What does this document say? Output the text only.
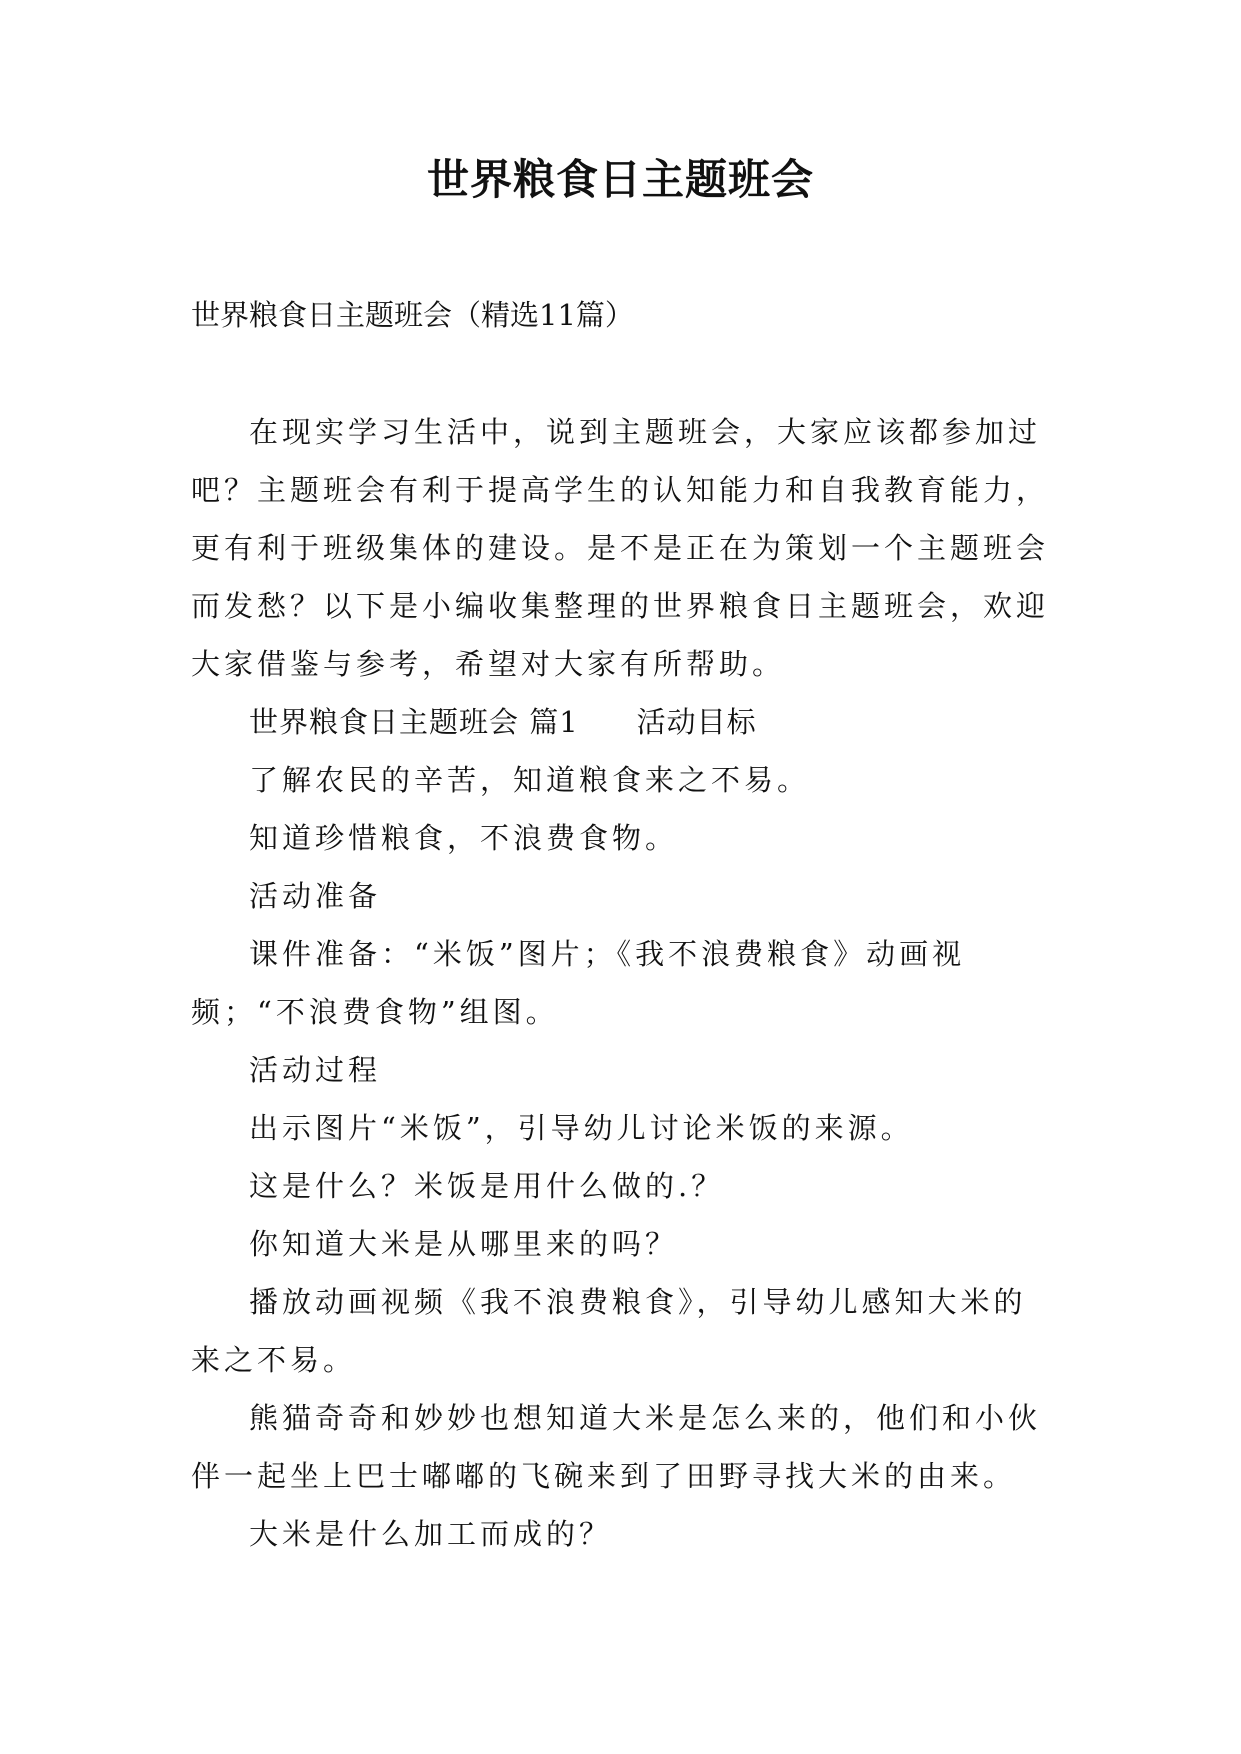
世界粮食日主题班会

世界粮食日主题班会（精选11篇）

在现实学习生活中，说到主题班会，大家应该都参加过吧？主题班会有利于提高学生的认知能力和自我教育能力，更有利于班级集体的建设。是不是正在为策划一个主题班会而发愁？以下是小编收集整理的世界粮食日主题班会，欢迎大家借鉴与参考，希望对大家有所帮助。

世界粮食日主题班会 篇1 活动目标

了解农民的辛苦，知道粮食来之不易。

知道珍惜粮食，不浪费食物。

活动准备

课件准备：“米饭”图片；《我不浪费粮食》动画视频；“不浪费食物”组图。

活动过程

出示图片“米饭”，引导幼儿讨论米饭的来源。

这是什么？米饭是用什么做的.？

你知道大米是从哪里来的吗？

播放动画视频《我不浪费粮食》，引导幼儿感知大米的来之不易。

熊猫奇奇和妙妙也想知道大米是怎么来的，他们和小伙伴一起坐上巴士嘟嘟的飞碗来到了田野寻找大米的由来。

大米是什么加工而成的？
